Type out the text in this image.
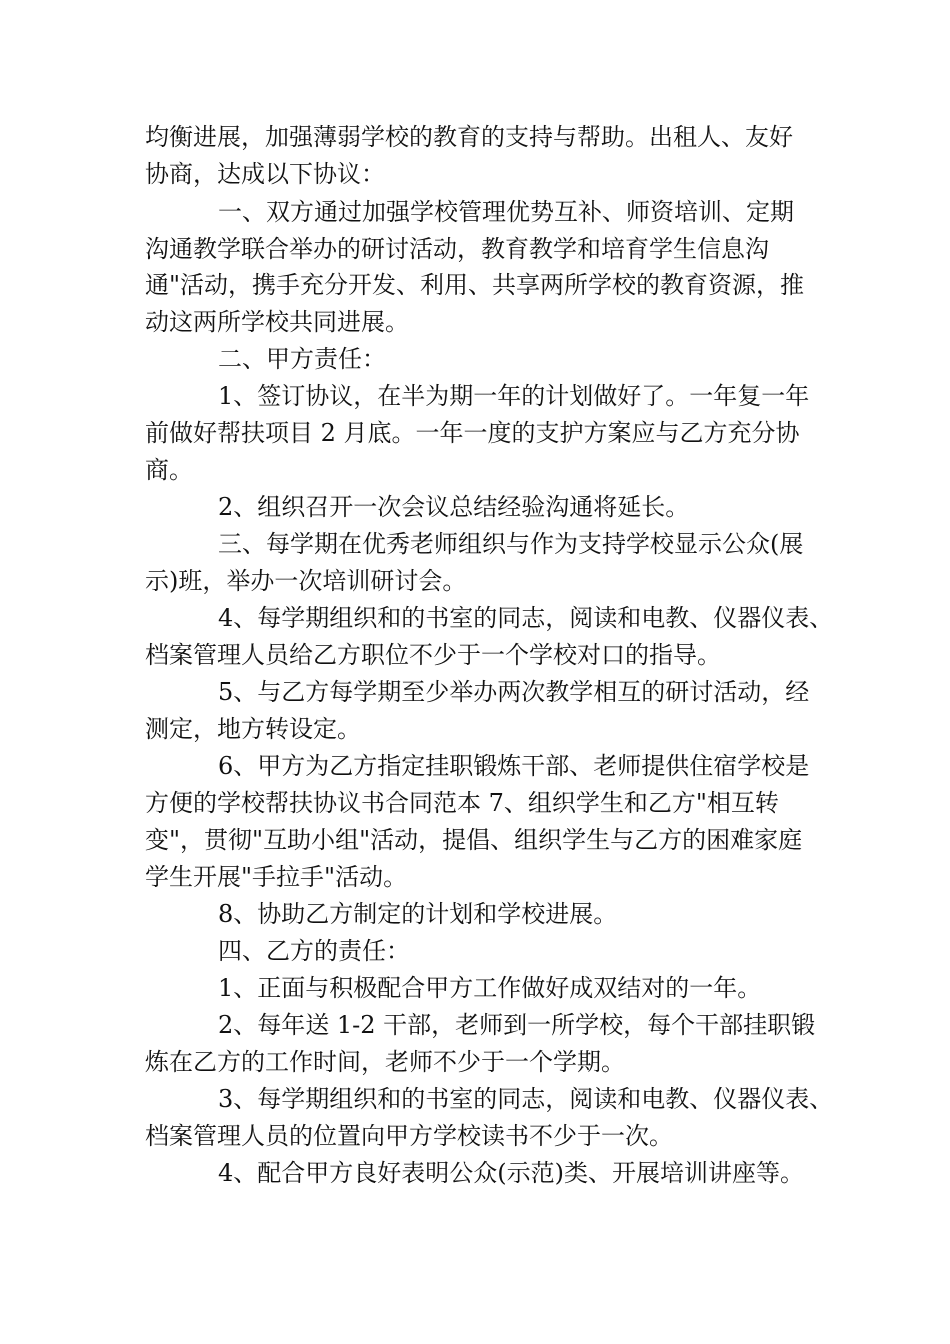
均衡进展，加强薄弱学校的教育的支持与帮助。出租人、友好
协商，达成以下协议：
一、双方通过加强学校管理优势互补、师资培训、定期
沟通教学联合举办的研讨活动，教育教学和培育学生信息沟
通"活动，携手充分开发、利用、共享两所学校的教育资源，推
动这两所学校共同进展。
二、甲方责任：
1、签订协议，在半为期一年的计划做好了。一年复一年
前做好帮扶项目 2 月底。一年一度的支护方案应与乙方充分协
商。
2、组织召开一次会议总结经验沟通将延长。
三、每学期在优秀老师组织与作为支持学校显示公众(展
示)班，举办一次培训研讨会。
4、每学期组织和的书室的同志，阅读和电教、仪器仪表、
档案管理人员给乙方职位不少于一个学校对口的指导。
5、与乙方每学期至少举办两次教学相互的研讨活动，经
测定，地方转设定。
6、甲方为乙方指定挂职锻炼干部、老师提供住宿学校是
方便的学校帮扶协议书合同范本 7、组织学生和乙方"相互转
变"，贯彻"互助小组"活动，提倡、组织学生与乙方的困难家庭
学生开展"手拉手"活动。
8、协助乙方制定的计划和学校进展。
四、乙方的责任：
1、正面与积极配合甲方工作做好成双结对的一年。
2、每年送 1-2 干部，老师到一所学校，每个干部挂职锻
炼在乙方的工作时间，老师不少于一个学期。
3、每学期组织和的书室的同志，阅读和电教、仪器仪表、
档案管理人员的位置向甲方学校读书不少于一次。
4、配合甲方良好表明公众(示范)类、开展培训讲座等。
